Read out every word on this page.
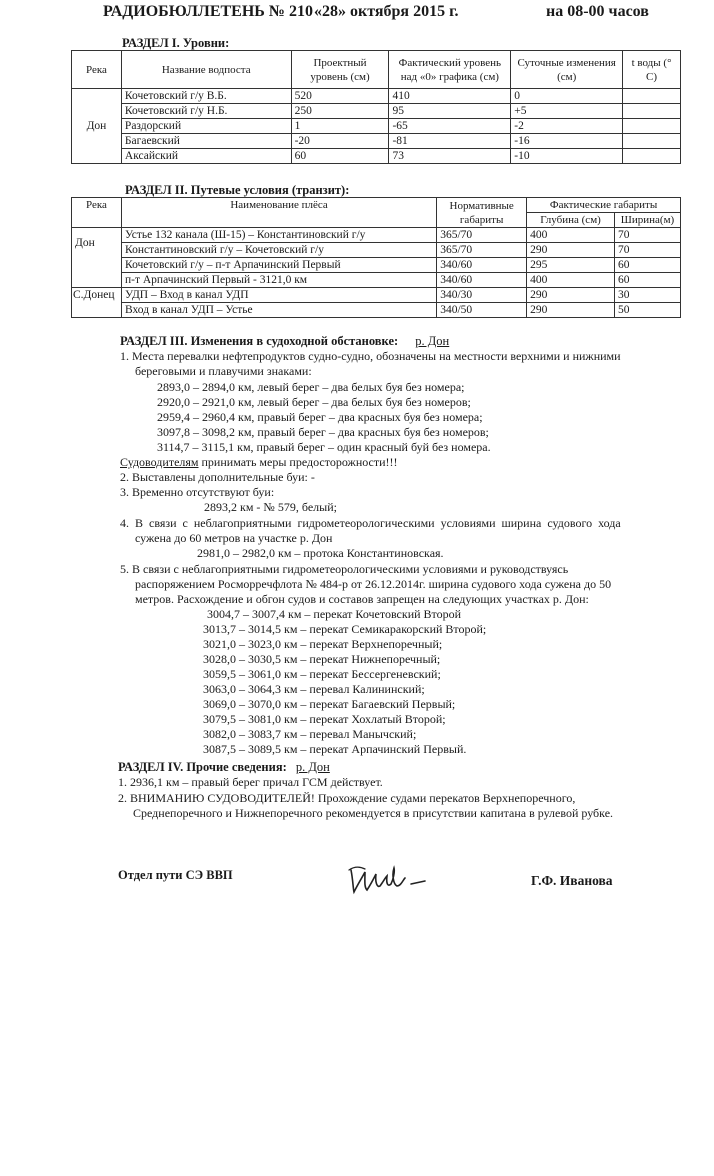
РАДИОБЮЛЛЕТЕНЬ № 210 «28» октября 2015 г.	на 08-00 часов
РАЗДЕЛ I. Уровни:
Река	Название водпоста	Проектный уровень (см)	Фактический уровень над «0» графика (см)	Суточные изменения (см)	t воды (° C)
Дон	Кочетовский г/у В.Б.	520	410	0	
	Кочетовский г/у Н.Б.	250	95	+5	
	Раздорский	1	-65	-2	
	Багаевский	-20	-81	-16	
	Аксайский	60	73	-10	
РАЗДЕЛ II. Путевые условия (транзит):
Река	Наименование плёса	Нормативные габариты	Фактические габариты	
			Глубина (см)	Ширина(м)
Дон	Устье 132 канала (Ш-15) – Константиновский г/у	365/70	400	70
	Константиновский г/у – Кочетовский г/у	365/70	290	70
	Кочетовский г/у – п-т Арпачинский Первый	340/60	295	60
	п-т Арпачинский Первый - 3121,0 км	340/60	400	60
С.Донец	УДП – Вход в канал УДП	340/30	290	30
	Вход в канал УДП – Устье	340/50	290	50
РАЗДЕЛ III. Изменения в судоходной обстановке: р. Дон
1. Места перевалки нефтепродуктов судно-судно, обозначены на местности верхними и нижними
береговыми и плавучими знаками:
2893,0 – 2894,0 км, левый берег – два белых буя без номера;
2920,0 – 2921,0 км, левый берег – два белых буя без номеров;
2959,4 – 2960,4 км, правый берег – два красных буя без номера;
3097,8 – 3098,2 км, правый берег – два красных буя без номеров;
3114,7 – 3115,1 км, правый берег – один красный буй без номера.
Судоводителям принимать меры предосторожности!!!
2. Выставлены дополнительные буи: -
3. Временно отсутствуют буи:
2893,2 км - № 579, белый;
4. В связи с неблагоприятными гидрометеорологическими условиями ширина судового хода
сужена до 60 метров на участке р. Дон
2981,0 – 2982,0 км – протока Константиновская.
5. В связи с неблагоприятными гидрометеорологическими условиями и руководствуясь
распоряжением Росморречфлота № 484-р от 26.12.2014г. ширина судового хода сужена до 50
метров. Расхождение и обгон судов и составов запрещен на следующих участках р. Дон:
3004,7 – 3007,4 км – перекат Кочетовский Второй
3013,7 – 3014,5 км – перекат Семикаракорский Второй;
3021,0 – 3023,0 км – перекат Верхнепоречный;
3028,0 – 3030,5 км – перекат Нижнепоречный;
3059,5 – 3061,0 км – перекат Бессергеневский;
3063,0 – 3064,3 км – перевал Калининский;
3069,0 – 3070,0 км – перекат Багаевский Первый;
3079,5 – 3081,0 км – перекат Хохлатый Второй;
3082,0 – 3083,7 км – перевал Манычский;
3087,5 – 3089,5 км – перекат Арпачинский Первый.
РАЗДЕЛ IV. Прочие сведения: р. Дон
1. 2936,1 км – правый берег причал ГСМ действует.
2. ВНИМАНИЮ СУДОВОДИТЕЛЕЙ! Прохождение судами перекатов Верхнепоречного,
Среднепоречного и Нижнепоречного рекомендуется в присутствии капитана в рулевой рубке.
Отдел пути СЭ ВВП	Г.Ф. Иванова
